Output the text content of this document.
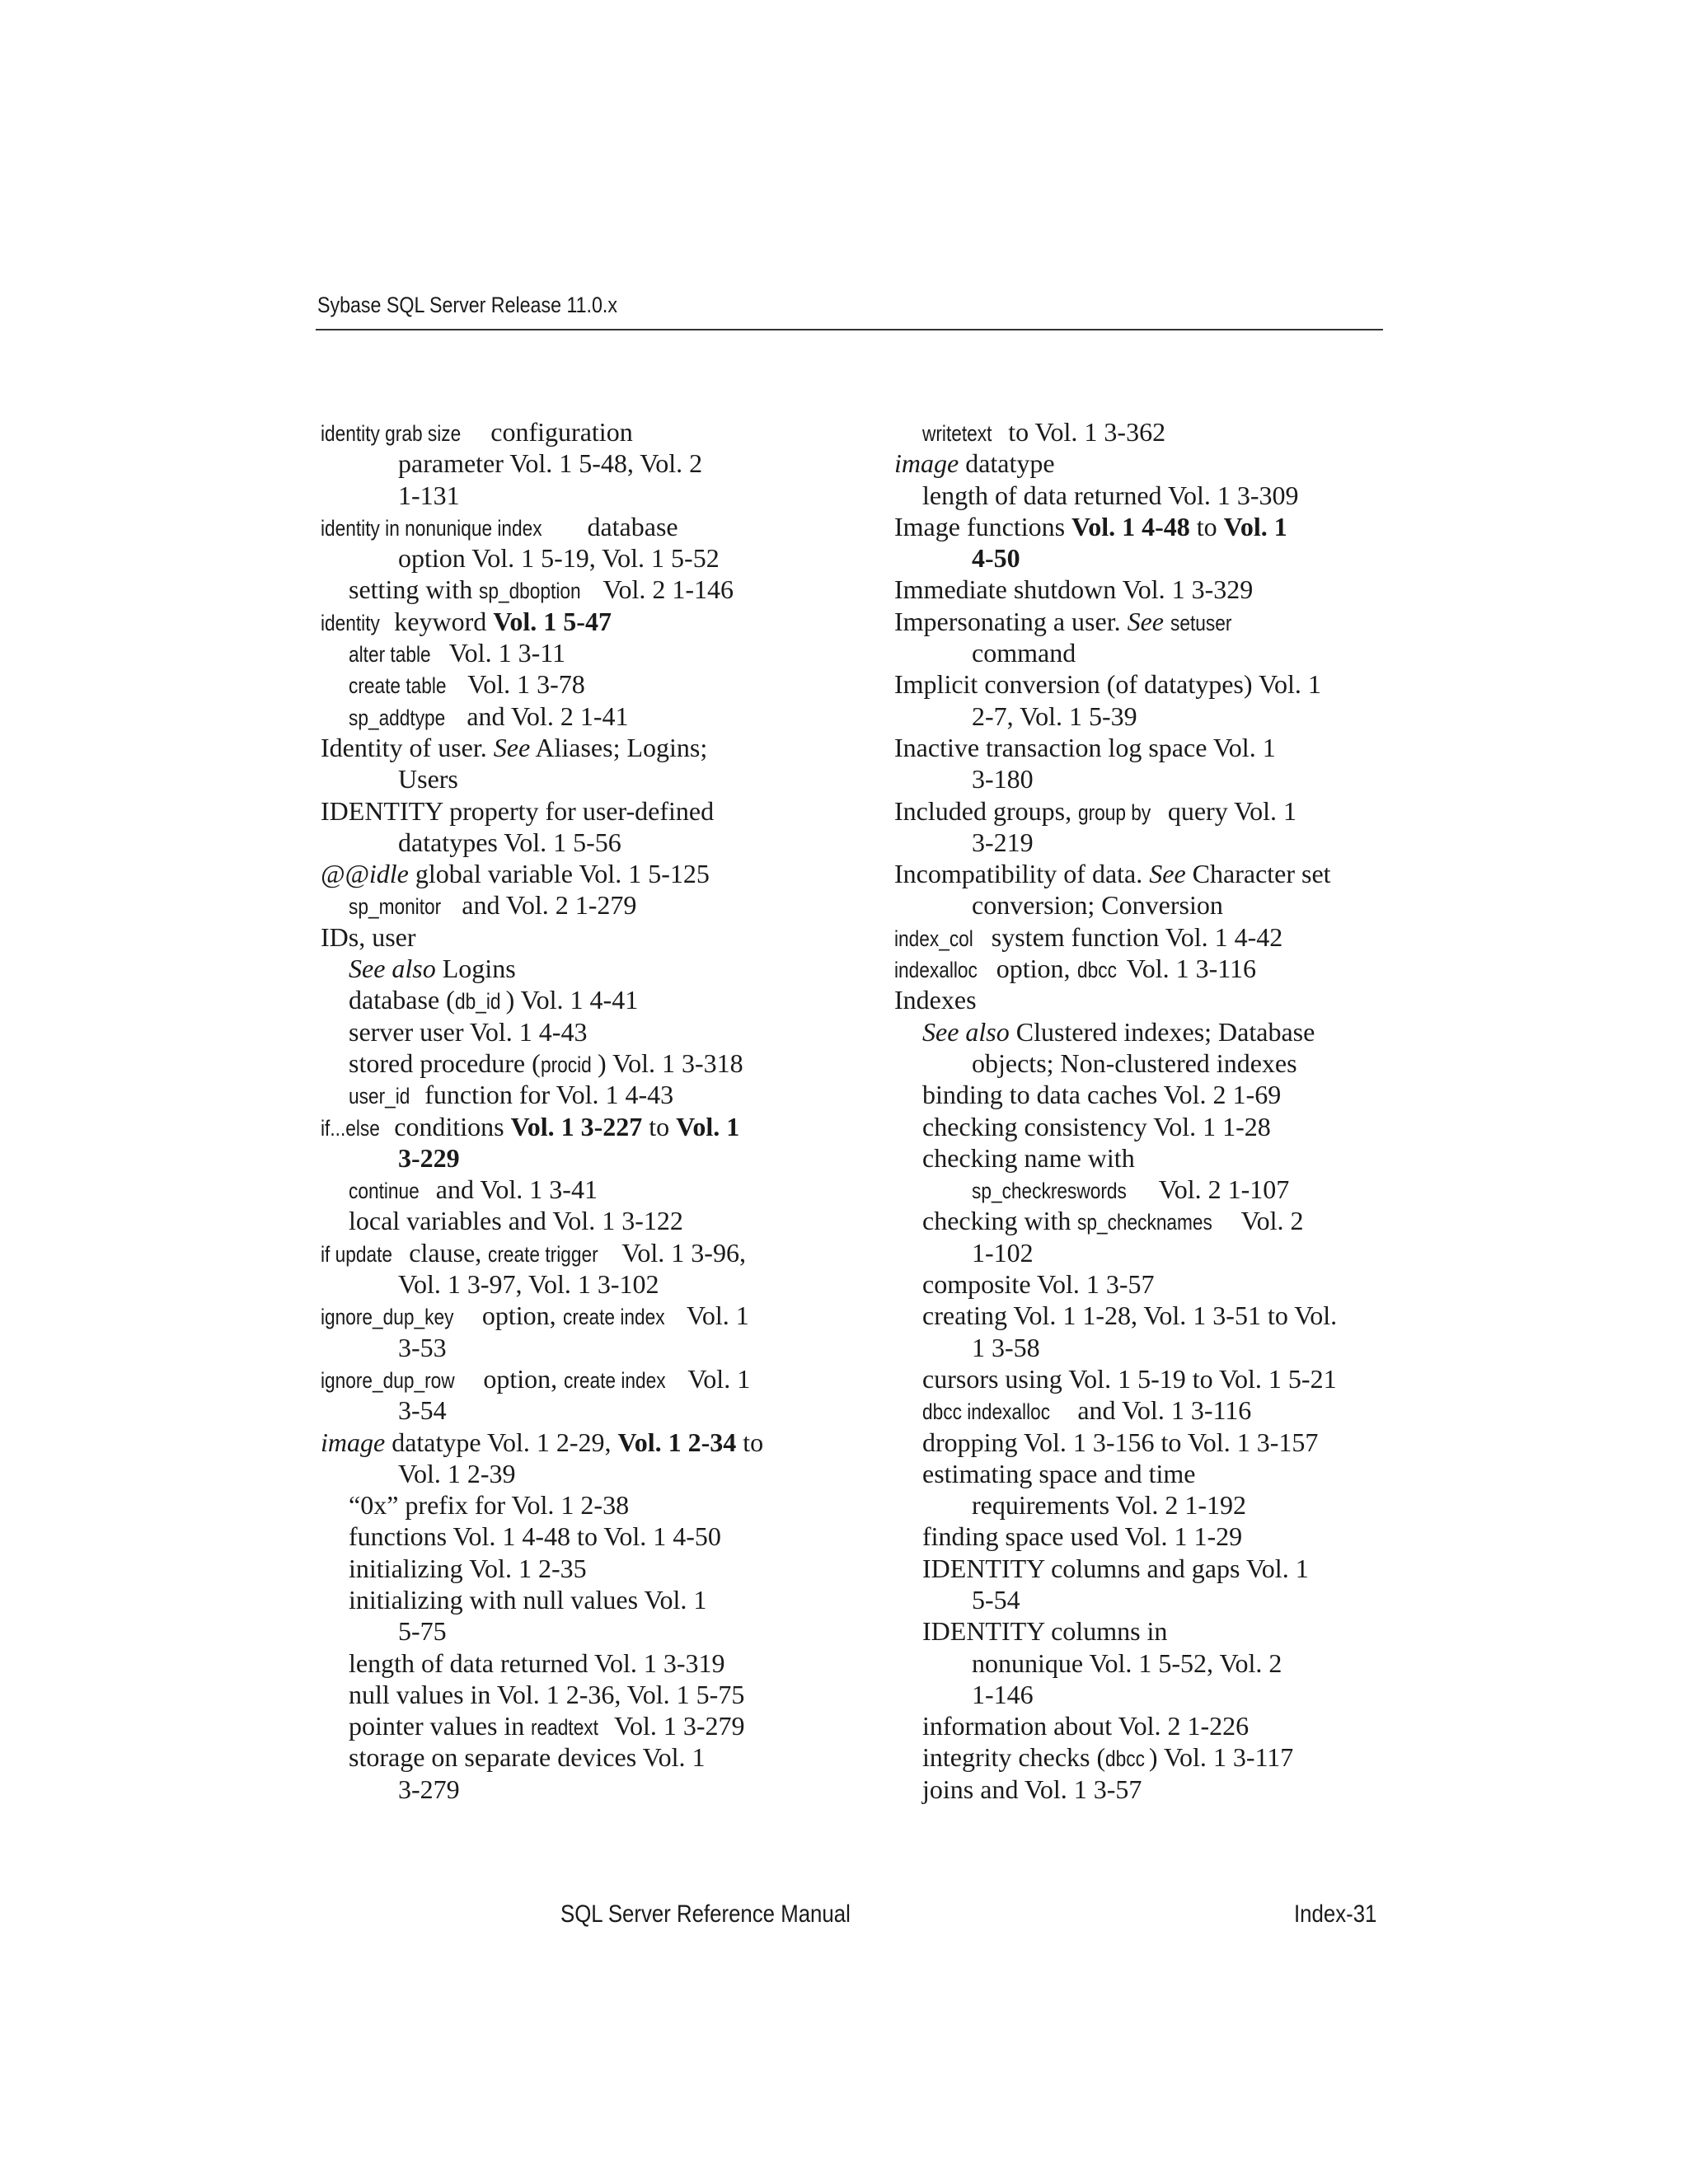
Sybase SQL Server Release 11.0.x
identity grab size configuration
parameter Vol. 1 5-48, Vol. 2
1-131
identity in nonunique index database
option Vol. 1 5-19, Vol. 1 5-52
setting with sp_dboption Vol. 2 1-146
identity keyword Vol. 1 5-47
alter table Vol. 1 3-11
create table Vol. 1 3-78
sp_addtype and Vol. 2 1-41
Identity of user. See Aliases; Logins;
Users
IDENTITY property for user-defined
datatypes Vol. 1 5-56
@@idle global variable Vol. 1 5-125
sp_monitor and Vol. 2 1-279
IDs, user
See also Logins
database (db_id ) Vol. 1 4-41
server user Vol. 1 4-43
stored procedure (procid ) Vol. 1 3-318
user_id function for Vol. 1 4-43
if...else conditions Vol. 1 3-227 to Vol. 1
3-229
continue and Vol. 1 3-41
local variables and Vol. 1 3-122
if update clause, create trigger Vol. 1 3-96,
Vol. 1 3-97, Vol. 1 3-102
ignore_dup_key option, create index Vol. 1
3-53
ignore_dup_row option, create index Vol. 1
3-54
image datatype Vol. 1 2-29, Vol. 1 2-34 to
Vol. 1 2-39
“0x” prefix for Vol. 1 2-38
functions Vol. 1 4-48 to Vol. 1 4-50
initializing Vol. 1 2-35
initializing with null values Vol. 1
5-75
length of data returned Vol. 1 3-319
null values in Vol. 1 2-36, Vol. 1 5-75
pointer values in readtext Vol. 1 3-279
storage on separate devices Vol. 1
3-279
writetext to Vol. 1 3-362
image datatype
length of data returned Vol. 1 3-309
Image functions Vol. 1 4-48 to Vol. 1
4-50
Immediate shutdown Vol. 1 3-329
Impersonating a user. See setuser
command
Implicit conversion (of datatypes) Vol. 1
2-7, Vol. 1 5-39
Inactive transaction log space Vol. 1
3-180
Included groups, group by query Vol. 1
3-219
Incompatibility of data. See Character set
conversion; Conversion
index_col system function Vol. 1 4-42
indexalloc option, dbcc Vol. 1 3-116
Indexes
See also Clustered indexes; Database
objects; Non-clustered indexes
binding to data caches Vol. 2 1-69
checking consistency Vol. 1 1-28
checking name with
sp_checkreswords Vol. 2 1-107
checking with sp_checknames Vol. 2
1-102
composite Vol. 1 3-57
creating Vol. 1 1-28, Vol. 1 3-51 to Vol.
1 3-58
cursors using Vol. 1 5-19 to Vol. 1 5-21
dbcc indexalloc and Vol. 1 3-116
dropping Vol. 1 3-156 to Vol. 1 3-157
estimating space and time
requirements Vol. 2 1-192
finding space used Vol. 1 1-29
IDENTITY columns and gaps Vol. 1
5-54
IDENTITY columns in
nonunique Vol. 1 5-52, Vol. 2
1-146
information about Vol. 2 1-226
integrity checks (dbcc ) Vol. 1 3-117
joins and Vol. 1 3-57
SQL Server Reference Manual	Index-31
